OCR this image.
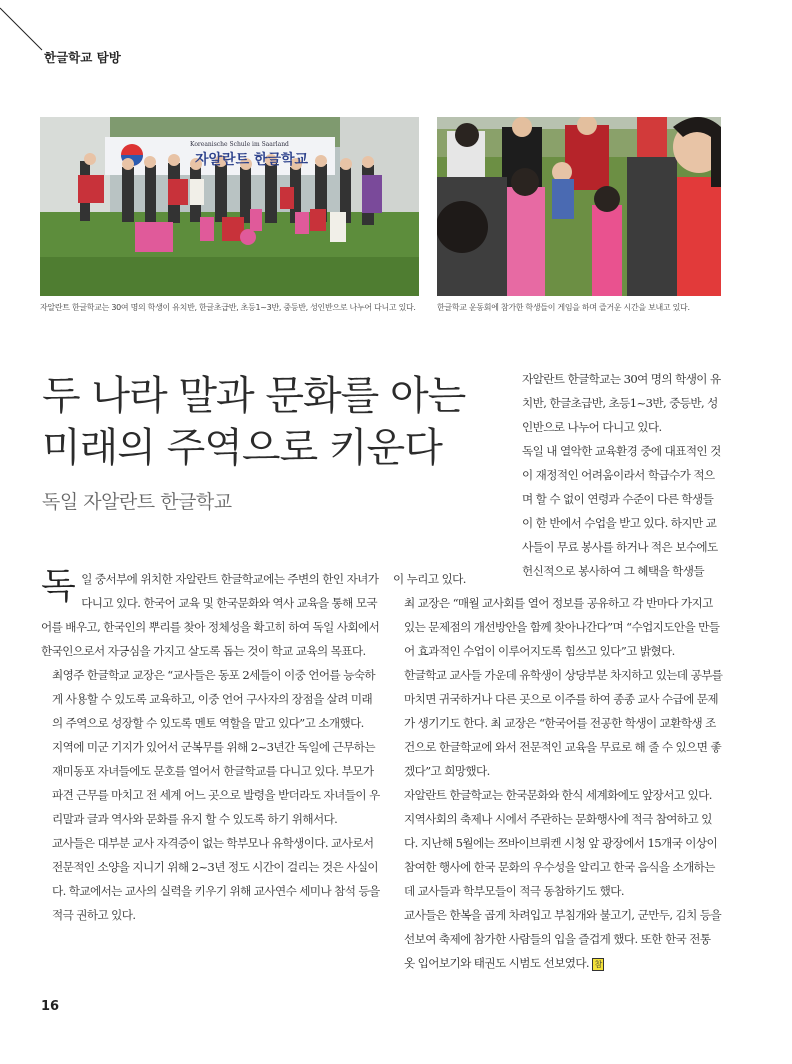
한글학교 탐방
Koreanische Schule im Saarland
자알란트 한글학교
자알란트 한글학교는 30여 명의 학생이 유치반, 한글초급반, 초등1~3반, 중등반, 성인반으로 나누어 다니고 있다.	한글학교 운동회에 참가한 학생들이 게임을 하며 즐거운 시간을 보내고 있다.
두 나라 말과 문화를 아는
미래의 주역으로 키운다
독일 자알란트 한글학교

자알란트 한글학교는 30여 명의 학생이 유치반, 한글초급반, 초등1~3반, 중등반, 성인반으로 나누어 다니고 있다.

독일 내 열악한 교육환경 중에 대표적인 것이 재정적인 어려움이라서 학급수가 적으며 할 수 없이 연령과 수준이 다른 학생들이 한 반에서 수업을 받고 있다. 하지만 교사들이 무료 봉사를 하거나 적은 보수에도 헌신적으로 봉사하여 그 혜택을 학생들

독일 중서부에 위치한 자알란트 한글학교에는 주변의 한인 자녀가 다니고 있다. 한국어 교육 및 한국문화와 역사 교육을 통해 모국어를 배우고, 한국인의 뿌리를 찾아 정체성을 확고히 하여 독일 사회에서 한국인으로서 자긍심을 가지고 살도록 돕는 것이 학교 교육의 목표다.

최영주 한글학교 교장은 “교사들은 동포 2세들이 이중 언어를 능숙하게 사용할 수 있도록 교육하고, 이중 언어 구사자의 장점을 살려 미래의 주역으로 성장할 수 있도록 멘토 역할을 맡고 있다”고 소개했다.

지역에 미군 기지가 있어서 군복무를 위해 2~3년간 독일에 근무하는 재미동포 자녀들에도 문호를 열어서 한글학교를 다니고 있다. 부모가 파견 근무를 마치고 전 세계 어느 곳으로 발령을 받더라도 자녀들이 우리말과 글과 역사와 문화를 유지 할 수 있도록 하기 위해서다.

교사들은 대부분 교사 자격증이 없는 학부모나 유학생이다. 교사로서 전문적인 소양을 지니기 위해 2~3년 정도 시간이 걸리는 것은 사실이다. 학교에서는 교사의 실력을 키우기 위해 교사연수 세미나 참석 등을 적극 권하고 있다.

이 누리고 있다.

최 교장은 “매월 교사회를 열어 정보를 공유하고 각 반마다 가지고 있는 문제점의 개선방안을 함께 찾아나간다”며 “수업지도안을 만들어 효과적인 수업이 이루어지도록 힘쓰고 있다”고 밝혔다.

한글학교 교사들 가운데 유학생이 상당부분 차지하고 있는데 공부를 마치면 귀국하거나 다른 곳으로 이주를 하여 종종 교사 수급에 문제가 생기기도 한다. 최 교장은 “한국어를 전공한 학생이 교환학생 조건으로 한글학교에 와서 전문적인 교육을 무료로 해 줄 수 있으면 좋겠다”고 희망했다.

자알란트 한글학교는 한국문화와 한식 세계화에도 앞장서고 있다. 지역사회의 축제나 시에서 주관하는 문화행사에 적극 참여하고 있다. 지난해 5월에는 쯔바이브뤼켄 시청 앞 광장에서 15개국 이상이 참여한 행사에 한국 문화의 우수성을 알리고 한국 음식을 소개하는데 교사들과 학부모들이 적극 동참하기도 했다.

교사들은 한복을 곱게 차려입고 부침개와 불고기, 군만두, 김치 등을 선보여 축제에 참가한 사람들의 입을 즐겁게 했다. 또한 한국 전통 옷 입어보기와 태권도 시범도 선보였다. 참

16
